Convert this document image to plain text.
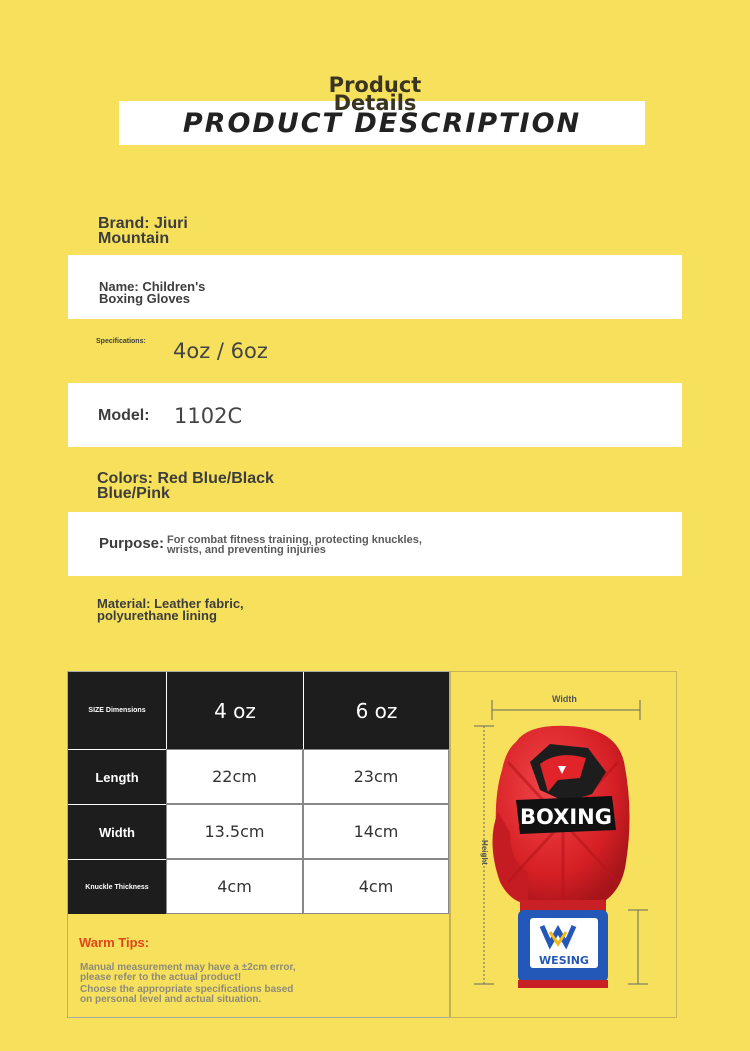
PRODUCT DESCRIPTION
Product
Details
Brand: Jiuri
Mountain
Name: Children's
Boxing Gloves
Specifications: 4oz / 6oz
Model: 1102C
Colors: Red Blue/Black
Blue/Pink
Purpose: For combat fitness training, protecting knuckles,
wrists, and preventing injuries
Material: Leather fabric,
polyurethane lining
SIZE Dimensions	4 oz	6 oz
Length	22cm	23cm
Width	13.5cm	14cm
Knuckle Thickness	4cm	4cm
Warm Tips:
Manual measurement may have a ±2cm error,
please refer to the actual product!
Choose the appropriate specifications based
on personal level and actual situation.
Width
Height
BOXING
WESING
